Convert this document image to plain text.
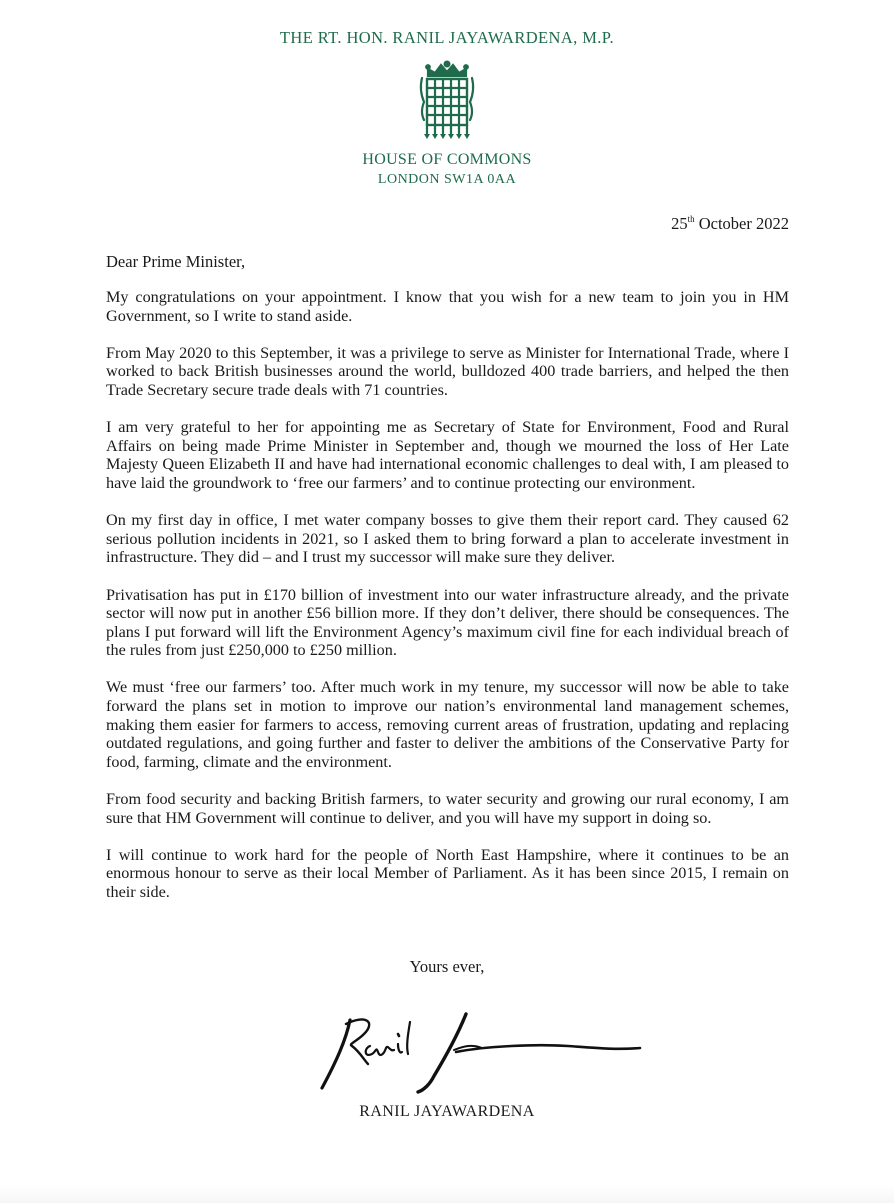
THE RT. HON. RANIL JAYAWARDENA, M.P.
HOUSE OF COMMONS
LONDON SW1A 0AA
25th October 2022
Dear Prime Minister,

My congratulations on your appointment. I know that you wish for a new team to join you in HM Government, so I write to stand aside.

From May 2020 to this September, it was a privilege to serve as Minister for International Trade, where I worked to back British businesses around the world, bulldozed 400 trade barriers, and helped the then Trade Secretary secure trade deals with 71 countries.

I am very grateful to her for appointing me as Secretary of State for Environment, Food and Rural Affairs on being made Prime Minister in September and, though we mourned the loss of Her Late Majesty Queen Elizabeth II and have had international economic challenges to deal with, I am pleased to have laid the groundwork to ‘free our farmers’ and to continue protecting our environment.

On my first day in office, I met water company bosses to give them their report card. They caused 62 serious pollution incidents in 2021, so I asked them to bring forward a plan to accelerate investment in infrastructure. They did – and I trust my successor will make sure they deliver.

Privatisation has put in £170 billion of investment into our water infrastructure already, and the private sector will now put in another £56 billion more. If they don’t deliver, there should be consequences. The plans I put forward will lift the Environment Agency’s maximum civil fine for each individual breach of the rules from just £250,000 to £250 million.

We must ‘free our farmers’ too. After much work in my tenure, my successor will now be able to take forward the plans set in motion to improve our nation’s environmental land management schemes, making them easier for farmers to access, removing current areas of frustration, updating and replacing outdated regulations, and going further and faster to deliver the ambitions of the Conservative Party for food, farming, climate and the environment.

From food security and backing British farmers, to water security and growing our rural economy, I am sure that HM Government will continue to deliver, and you will have my support in doing so.

I will continue to work hard for the people of North East Hampshire, where it continues to be an enormous honour to serve as their local Member of Parliament. As it has been since 2015, I remain on their side.

Yours ever,
RANIL JAYAWARDENA
